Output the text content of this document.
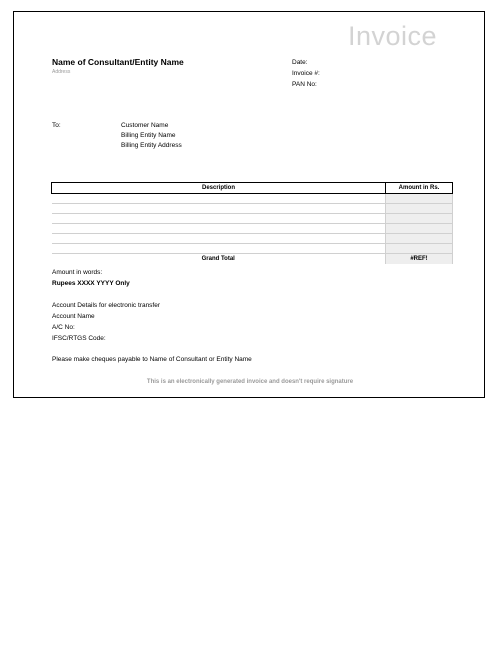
Invoice
Name of Consultant/Entity Name
Address
Date:
Invoice #:
PAN No:
To:	Customer Name
Billing Entity Name
Billing Entity Address
Description	Amount in Rs.

Grand Total	#REF!
Amount in words:
Rupees XXXX YYYY Only
Account Details for electronic transfer
Account Name
A/C No:
IFSC/RTGS Code:
Please make cheques payable to Name of Consultant or Entity Name
This is an electronically generated invoice and doesn't require signature
